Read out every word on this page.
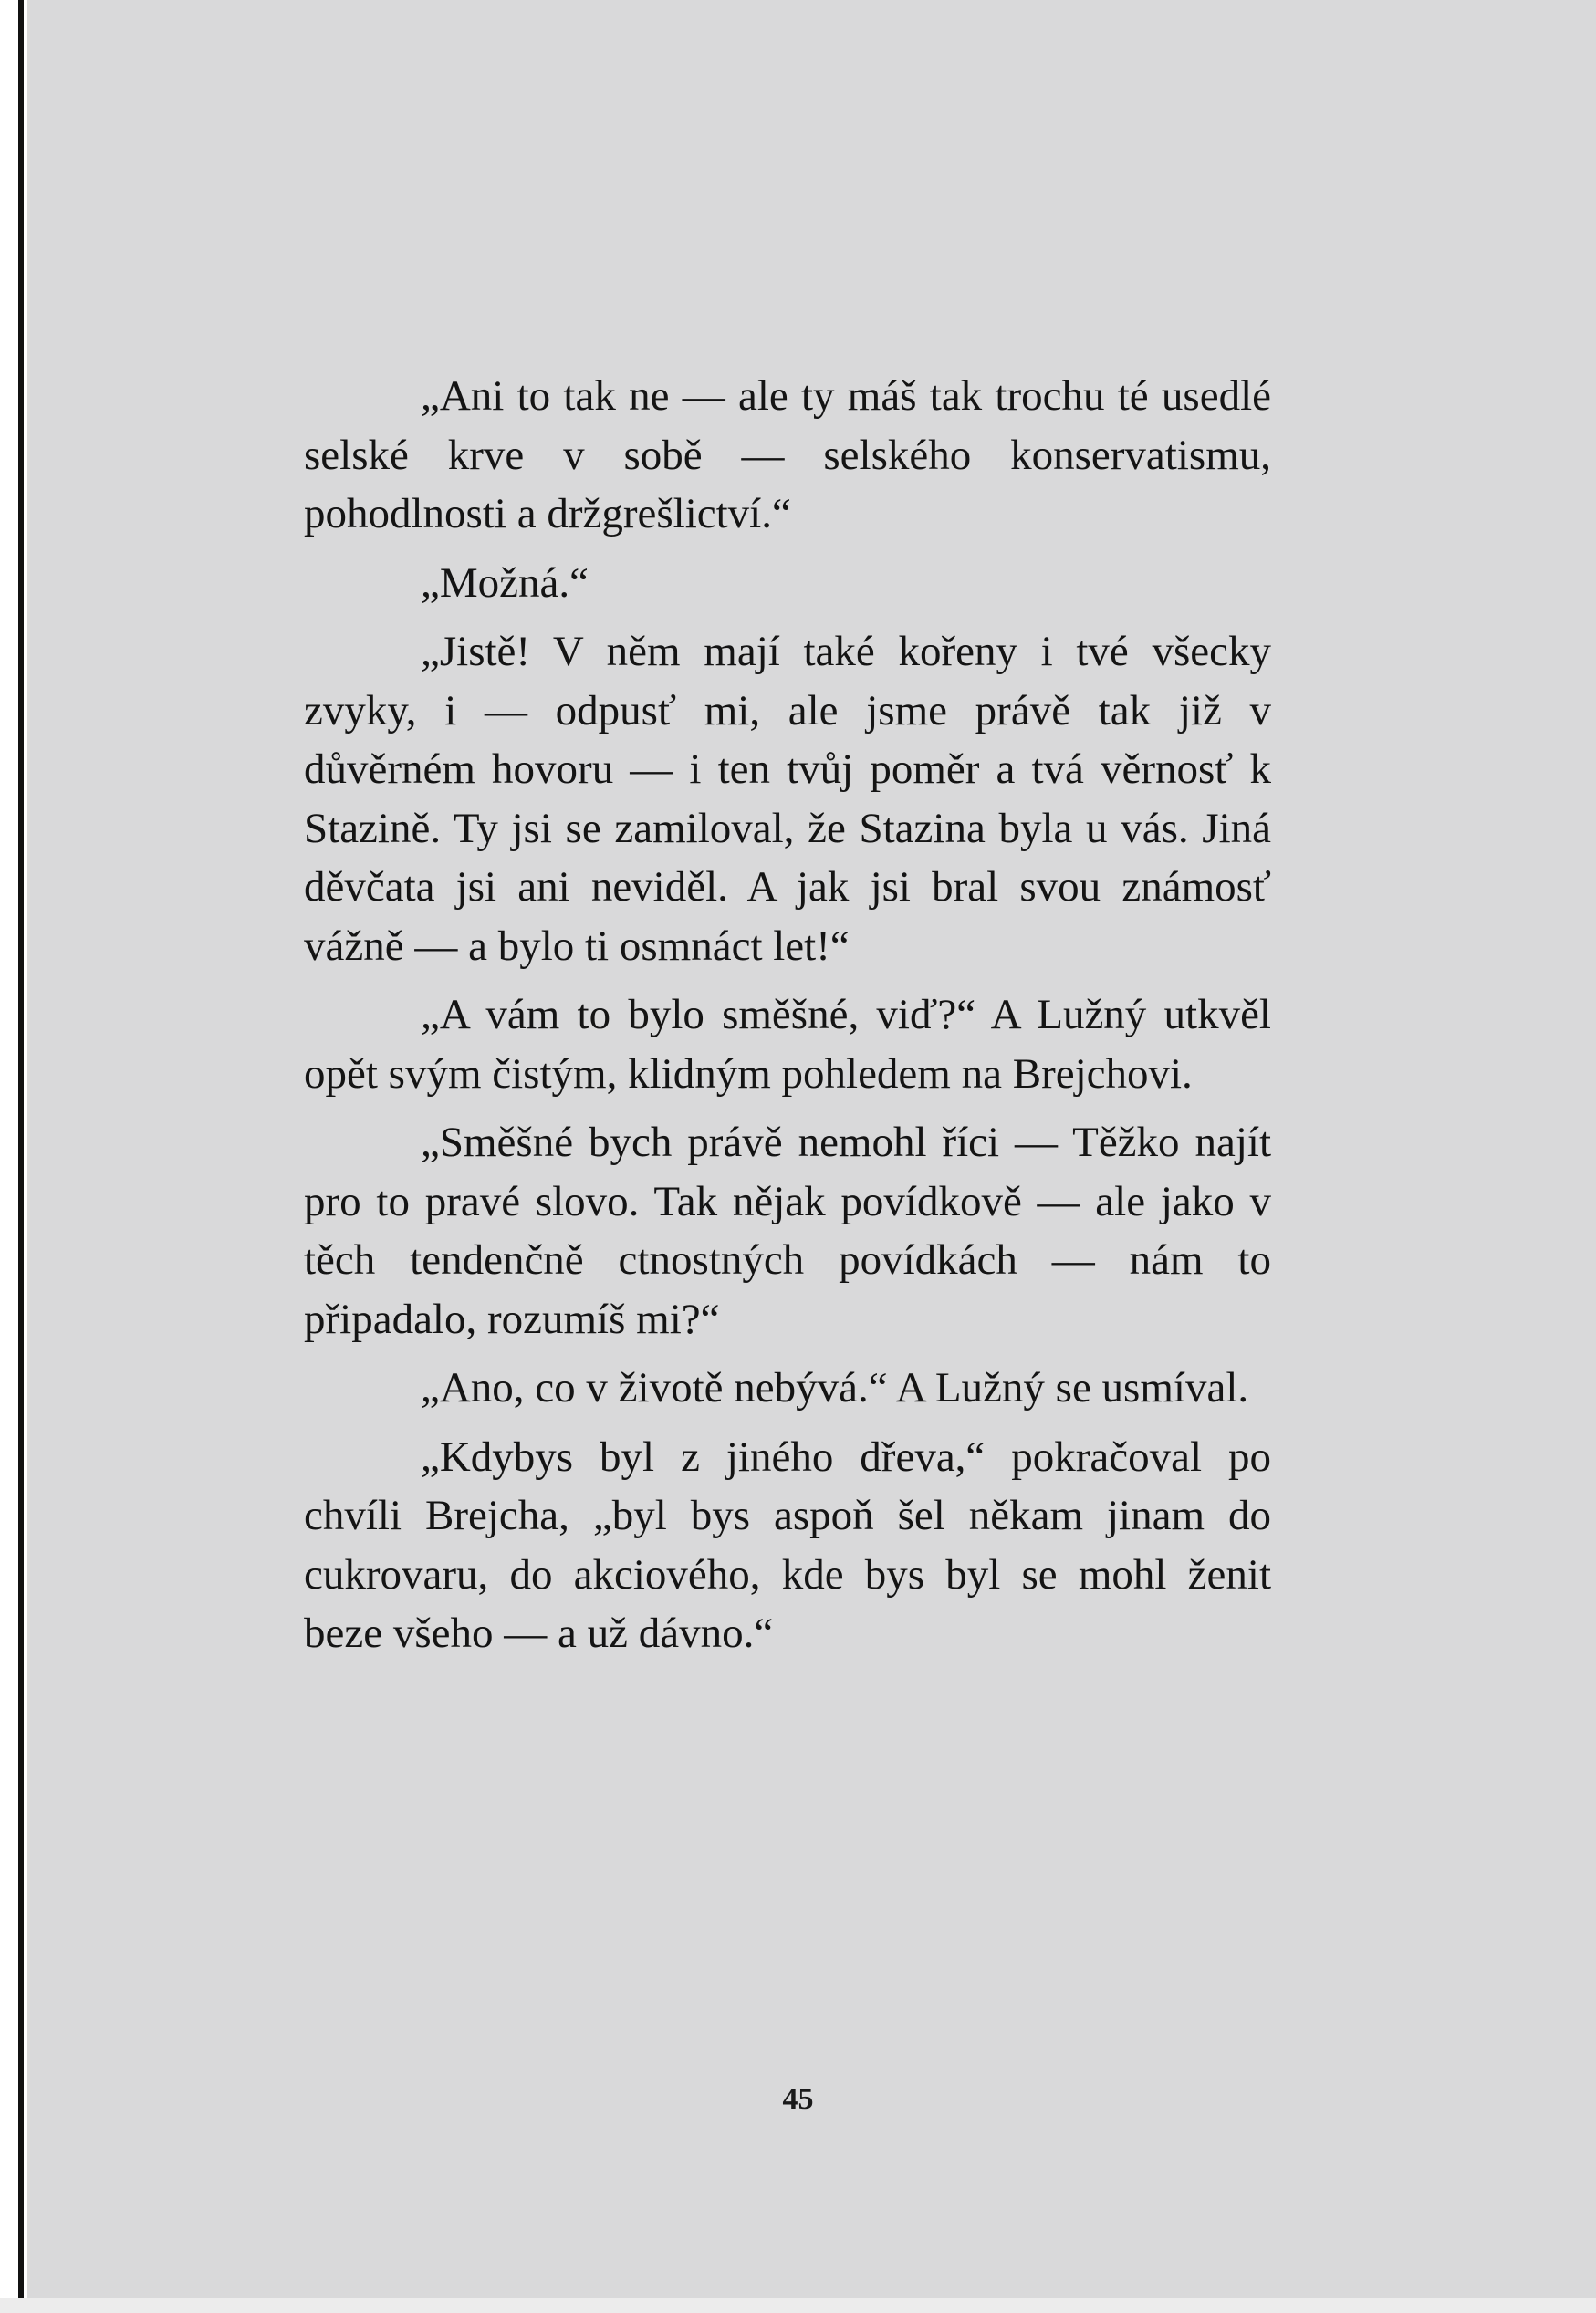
„Ani to tak ne — ale ty máš tak trochu té usedlé selské krve v sobě — selského konservatismu, pohodlnosti a držgrešlictví.“

„Možná.“

„Jistě! V něm mají také kořeny i tvé všecky zvyky, i — odpusť mi, ale jsme právě tak již v důvěrném hovoru — i ten tvůj poměr a tvá věrnosť k Stazině. Ty jsi se zamiloval, že Stazina byla u vás. Jiná děvčata jsi ani neviděl. A jak jsi bral svou známosť vážně — a bylo ti osmnáct let!“

„A vám to bylo směšné, viď?“ A Lužný utkvěl opět svým čistým, klidným pohledem na Brejchovi.

„Směšné bych právě nemohl říci — Těžko najít pro to pravé slovo. Tak nějak povídkově — ale jako v těch tendenčně ctnostných povídkách — nám to připadalo, rozumíš mi?“

„Ano, co v životě nebývá.“ A Lužný se usmíval.

„Kdybys byl z jiného dřeva,“ pokračoval po chvíli Brejcha, „byl bys aspoň šel někam jinam do cukrovaru, do akciového, kde bys byl se mohl ženit beze všeho — a už dávno.“

45
